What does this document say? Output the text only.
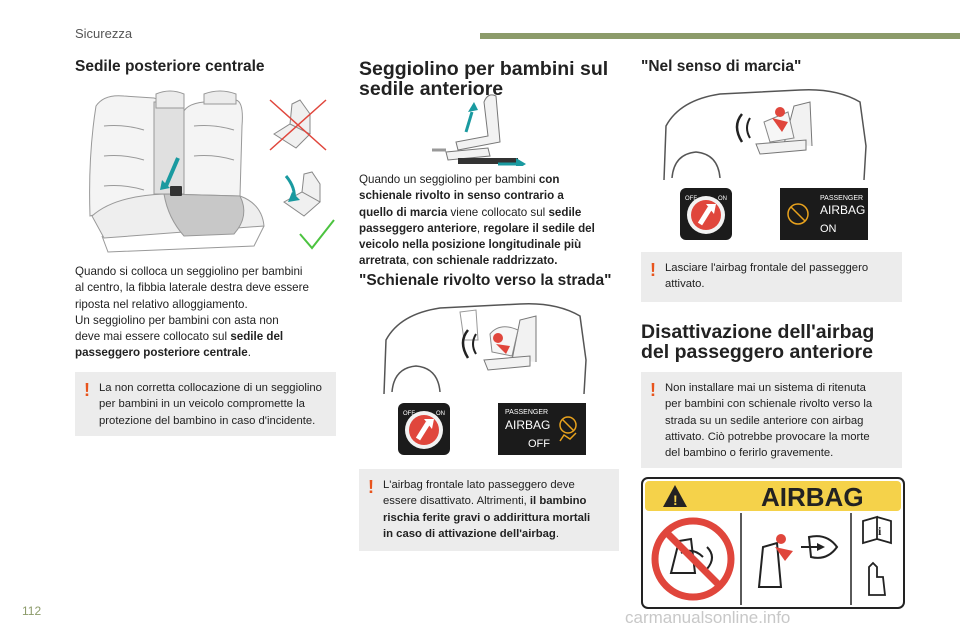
Sicurezza
Sedile posteriore centrale
Quando si colloca un seggiolino per bambini
al centro, la fibbia laterale destra deve essere
riposta nel relativo alloggiamento.
Un seggiolino per bambini con asta non
deve mai essere collocato sul sedile del
passeggero posteriore centrale.
! La non corretta collocazione di un seggiolino
per bambini in un veicolo compromette la
protezione del bambino in caso d'incidente.
Seggiolino per bambini sul
sedile anteriore
Quando un seggiolino per bambini con
schienale rivolto in senso contrario a
quello di marcia viene collocato sul sedile
passeggero anteriore, regolare il sedile del
veicolo nella posizione longitudinale più
arretrata, con schienale raddrizzato.
"Schienale rivolto verso la strada"
OFF	ON	PASSENGER
AIRBAG
OFF
! L'airbag frontale lato passeggero deve
essere disattivato. Altrimenti, il bambino
rischia ferite gravi o addirittura mortali
in caso di attivazione dell'airbag.
"Nel senso di marcia"
OFF	ON	PASSENGER
AIRBAG
ON
! Lasciare l'airbag frontale del passeggero
attivato.
Disattivazione dell'airbag
del passeggero anteriore
! Non installare mai un sistema di ritenuta
per bambini con schienale rivolto verso la
strada su un sedile anteriore con airbag
attivato. Ciò potrebbe provocare la morte
del bambino o ferirlo gravemente.
!	AIRBAG
i
112	carmanualsonline.info
